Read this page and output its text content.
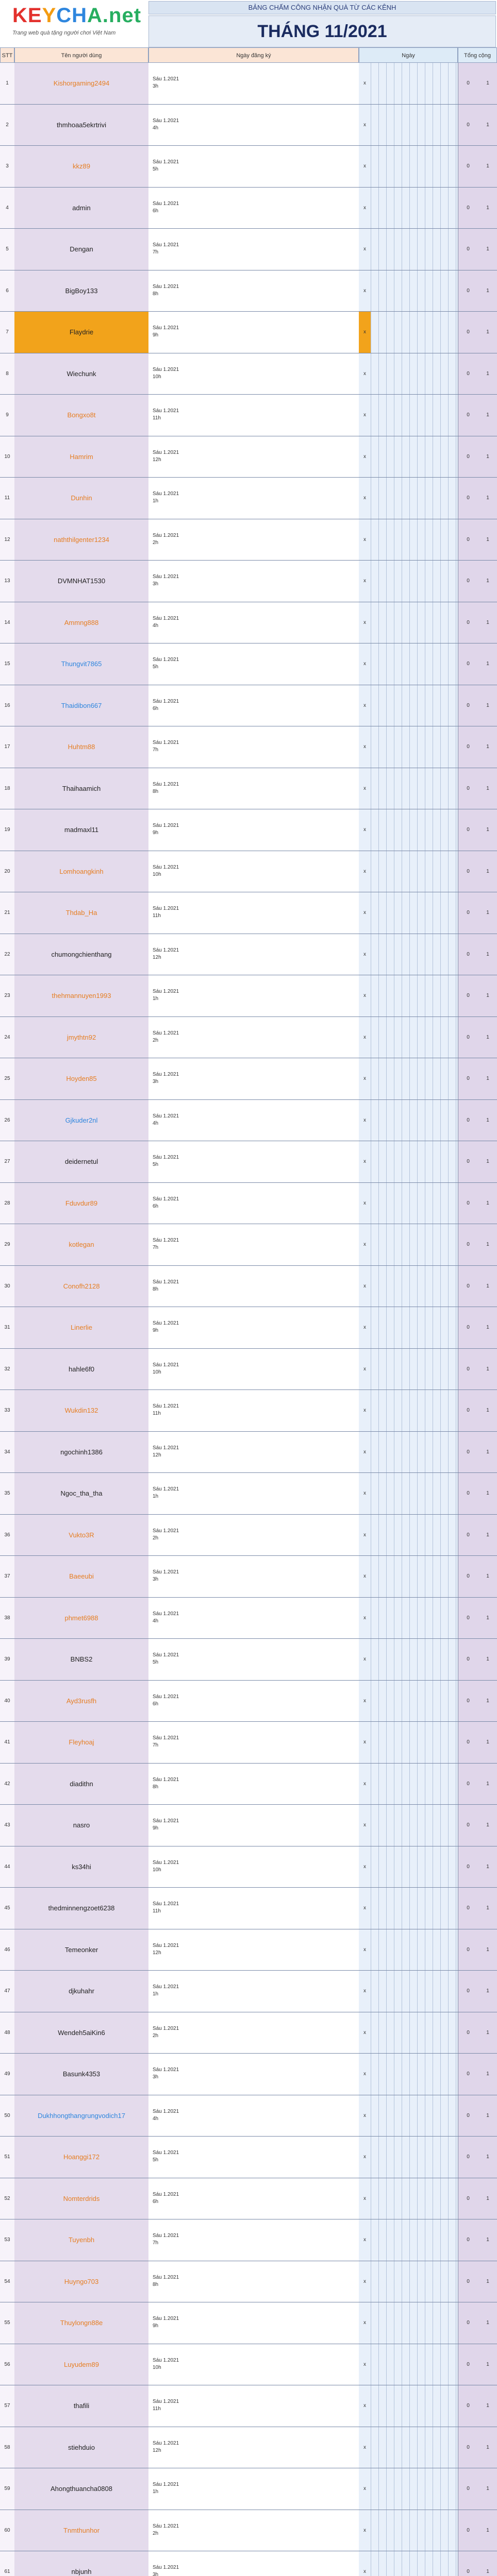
KEYCHA.net
Trang web quà tặng người chơi Việt Nam
BẢNG CHẤM CÔNG NHẬN QUÀ TỪ CÁC KÊNH
THÁNG 11/2021
STT	Tên người dùng	Ngày đăng ký	Ngày	Tổng cộng
1	Kishorgaming2494
Sáu 1.2021
3h
x	0	1
2	thmhoaa5ekrtrivi
Sáu 1.2021
4h
x	0	1
3	kkz89
Sáu 1.2021
5h
x	0	1
4	admin
Sáu 1.2021
6h
x	0	1
5	Dengan
Sáu 1.2021
7h
x	0	1
6	BigBoy133
Sáu 1.2021
8h
x	0	1
7	Flaydrie
Sáu 1.2021
9h
x	0	1
8	Wiechunk
Sáu 1.2021
10h
x	0	1
9	Bongxo8t
Sáu 1.2021
11h
x	0	1
10	Hamrim
Sáu 1.2021
12h
x	0	1
11	Dunhin
Sáu 1.2021
1h
x	0	1
12	naththilgenter1234
Sáu 1.2021
2h
x	0	1
13	DVMNHAT1530
Sáu 1.2021
3h
x	0	1
14	Ammng888
Sáu 1.2021
4h
x	0	1
15	Thungvit7865
Sáu 1.2021
5h
x	0	1
16	Thaidibon667
Sáu 1.2021
6h
x	0	1
17	Huhtm88
Sáu 1.2021
7h
x	0	1
18	Thaihaamich
Sáu 1.2021
8h
x	0	1
19	madmaxl11
Sáu 1.2021
9h
x	0	1
20	Lomhoangkinh
Sáu 1.2021
10h
x	0	1
21	Thdab_Ha
Sáu 1.2021
11h
x	0	1
22	chumongchienthang
Sáu 1.2021
12h
x	0	1
23	thehmannuyen1993
Sáu 1.2021
1h
x	0	1
24	jmythtn92
Sáu 1.2021
2h
x	0	1
25	Hoyden85
Sáu 1.2021
3h
x	0	1
26	Gjkuder2nl
Sáu 1.2021
4h
x	0	1
27	deidernetul
Sáu 1.2021
5h
x	0	1
28	Fduvdur89
Sáu 1.2021
6h
x	0	1
29	kotlegan
Sáu 1.2021
7h
x	0	1
30	Conofh2128
Sáu 1.2021
8h
x	0	1
31	Linerlie
Sáu 1.2021
9h
x	0	1
32	hahle6f0
Sáu 1.2021
10h
x	0	1
33	Wukdin132
Sáu 1.2021
11h
x	0	1
34	ngochinh1386
Sáu 1.2021
12h
x	0	1
35	Ngoc_tha_tha
Sáu 1.2021
1h
x	0	1
36	Vukto3R
Sáu 1.2021
2h
x	0	1
37	Baeeubi
Sáu 1.2021
3h
x	0	1
38	phmet6988
Sáu 1.2021
4h
x	0	1
39	BNBS2
Sáu 1.2021
5h
x	0	1
40	Ayd3rusfh
Sáu 1.2021
6h
x	0	1
41	Fleyhoaj
Sáu 1.2021
7h
x	0	1
42	diadithn
Sáu 1.2021
8h
x	0	1
43	nasro
Sáu 1.2021
9h
x	0	1
44	ks34hi
Sáu 1.2021
10h
x	0	1
45	thedminnengzoet6238
Sáu 1.2021
11h
x	0	1
46	Temeonker
Sáu 1.2021
12h
x	0	1
47	djkuhahr
Sáu 1.2021
1h
x	0	1
48	Wendeh5aiKin6
Sáu 1.2021
2h
x	0	1
49	Basunk4353
Sáu 1.2021
3h
x	0	1
50	Dukhhongthangrungvodich17
Sáu 1.2021
4h
x	0	1
51	Hoanggi172
Sáu 1.2021
5h
x	0	1
52	Nomterdrids
Sáu 1.2021
6h
x	0	1
53	Tuyenbh
Sáu 1.2021
7h
x	0	1
54	Huyngo703
Sáu 1.2021
8h
x	0	1
55	Thuylongn88e
Sáu 1.2021
9h
x	0	1
56	Luyudem89
Sáu 1.2021
10h
x	0	1
57	thafili
Sáu 1.2021
11h
x	0	1
58	stiehduio
Sáu 1.2021
12h
x	0	1
59	Ahongthuancha0808
Sáu 1.2021
1h
x	0	1
60	Tnmthunhor
Sáu 1.2021
2h
x	0	1
61	nbjunh
Sáu 1.2021
3h
x	0	1
